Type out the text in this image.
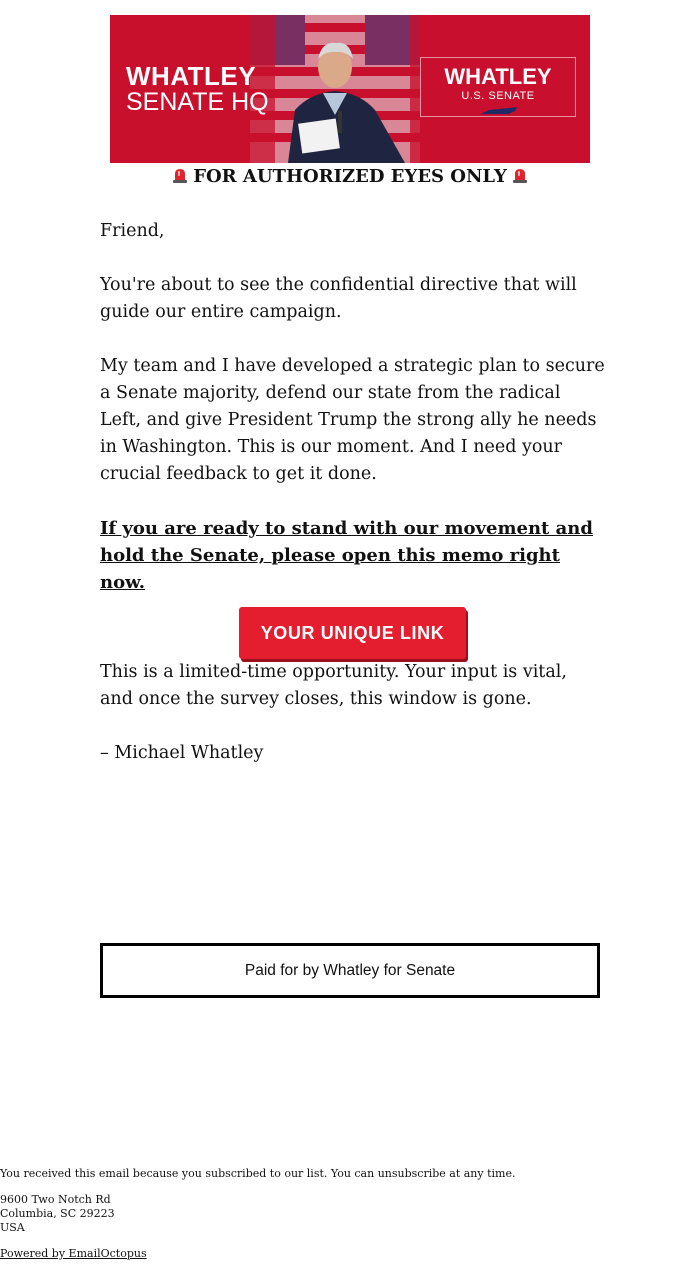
WHATLEY
SENATE HQ
WHATLEY
U.S. SENATE
FOR AUTHORIZED EYES ONLY

Friend,

You're about to see the confidential directive that will guide our entire campaign.

My team and I have developed a strategic plan to secure a Senate majority, defend our state from the radical Left, and give President Trump the strong ally he needs in Washington. This is our moment. And I need your crucial feedback to get it done.

If you are ready to stand with our movement and hold the Senate, please open this memo right now.

YOUR UNIQUE LINK

This is a limited-time opportunity. Your input is vital, and once the survey closes, this window is gone.

– Michael Whatley

Paid for by Whatley for Senate

You received this email because you subscribed to our list. You can unsubscribe at any time.

9600 Two Notch Rd

Columbia, SC 29223

USA

Powered by EmailOctopus
